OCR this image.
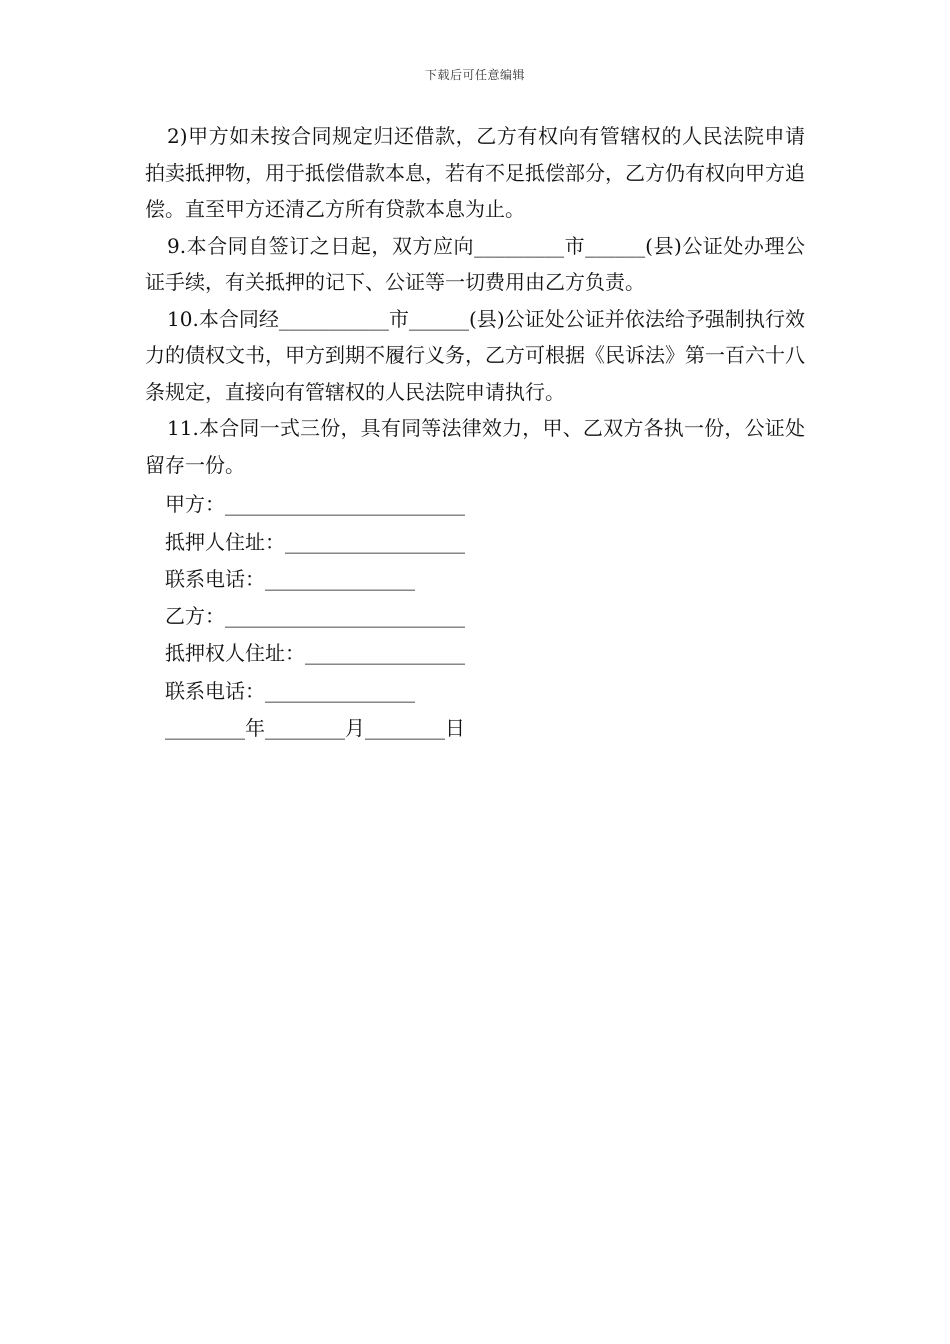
下载后可任意编辑

2)甲方如未按合同规定归还借款，乙方有权向有管辖权的人民法院申请拍卖抵押物，用于抵偿借款本息，若有不足抵偿部分，乙方仍有权向甲方追偿。直至甲方还清乙方所有贷款本息为止。

9.本合同自签订之日起，双方应向_________市______(县)公证处办理公证手续，有关抵押的记下、公证等一切费用由乙方负责。

10.本合同经___________市______(县)公证处公证并依法给予强制执行效力的债权文书，甲方到期不履行义务，乙方可根据《民诉法》第一百六十八条规定，直接向有管辖权的人民法院申请执行。

11.本合同一式三份，具有同等法律效力，甲、乙双方各执一份，公证处留存一份。

甲方：________________________
抵押人住址：__________________
联系电话：_______________
乙方：________________________
抵押权人住址：________________
联系电话：_______________
________年________月________日
